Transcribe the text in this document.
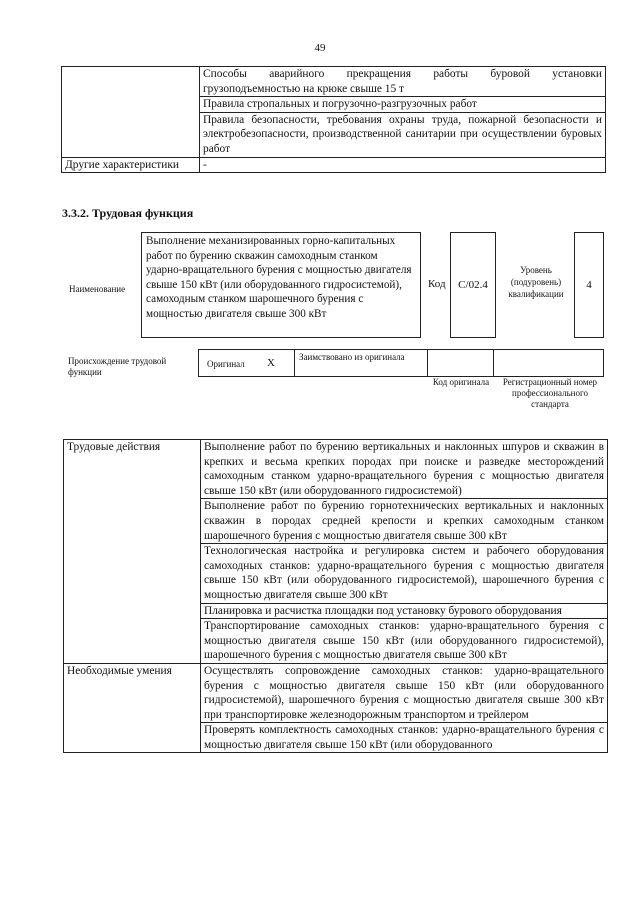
49
	Способы аварийного прекращения работы буровой установки грузоподъемностью на крюке свыше 15 т
	Правила стропальных и погрузочно-разгрузочных работ
	Правила безопасности, требования охраны труда, пожарной безопасности и электробезопасности, производственной санитарии при осуществлении буровых работ
Другие характеристики	-
3.3.2. Трудовая функция
Наименование
Выполнение механизированных горно-капитальных работ по бурению скважин самоходным станком ударно-вращательного бурения с мощностью двигателя свыше 150 кВт (или оборудованного гидросистемой), самоходным станком шарошечного бурения с мощностью двигателя свыше 300 кВт
Код	С/02.4
Уровень (подуровень) квалификации
4
Происхождение трудовой функции
Оригинал X	Заимствовано из оригинала
Код оригинала	Регистрационный номер профессионального стандарта
Трудовые действия	Выполнение работ по бурению вертикальных и наклонных шпуров и скважин в крепких и весьма крепких породах при поиске и разведке месторождений самоходным станком ударно-вращательного бурения с мощностью двигателя свыше 150 кВт (или оборудованного гидросистемой)
	Выполнение работ по бурению горнотехнических вертикальных и наклонных скважин в породах средней крепости и крепких самоходным станком шарошечного бурения с мощностью двигателя свыше 300 кВт
	Технологическая настройка и регулировка систем и рабочего оборудования самоходных станков: ударно-вращательного бурения с мощностью двигателя свыше 150 кВт (или оборудованного гидросистемой), шарошечного бурения с мощностью двигателя свыше 300 кВт
	Планировка и расчистка площадки под установку бурового оборудования
	Транспортирование самоходных станков: ударно-вращательного бурения с мощностью двигателя свыше 150 кВт (или оборудованного гидросистемой), шарошечного бурения с мощностью двигателя свыше 300 кВт
Необходимые умения	Осуществлять сопровождение самоходных станков: ударно-вращательного бурения с мощностью двигателя свыше 150 кВт (или оборудованного гидросистемой), шарошечного бурения с мощностью двигателя свыше 300 кВт при транспортировке железнодорожным транспортом и трейлером
	Проверять комплектность самоходных станков: ударно-вращательного бурения с мощностью двигателя свыше 150 кВт (или оборудованного
